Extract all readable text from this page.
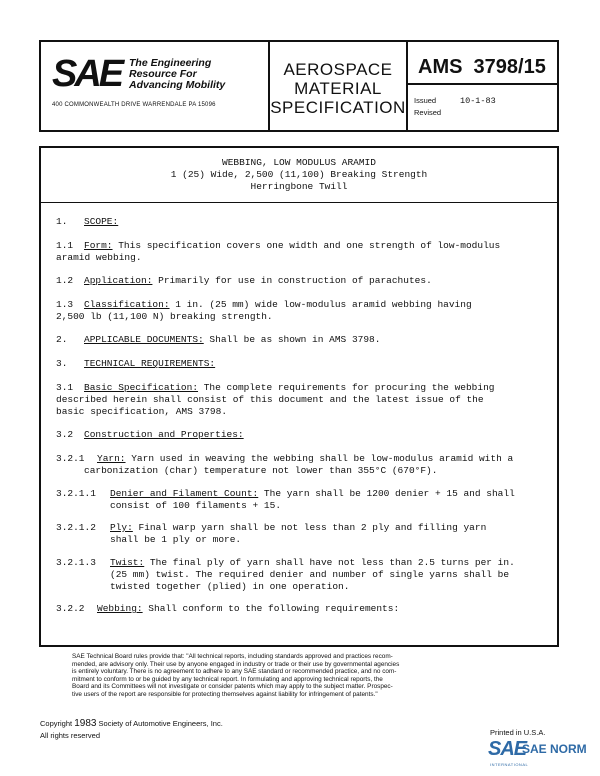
SAE The Engineering
Resource For
Advancing Mobility
400 COMMONWEALTH DRIVE WARRENDALE PA 15096
AEROSPACE
MATERIAL
SPECIFICATION
AMS  3798/15
Issued	10-1-83
Revised
WEBBING, LOW MODULUS ARAMID
1 (25) Wide, 2,500 (11,100) Breaking Strength
Herringbone Twill
1. SCOPE:
1.1 Form: This specification covers one width and one strength of low-modulus
aramid webbing.
1.2 Application: Primarily for use in construction of parachutes.
1.3 Classification: 1 in. (25 mm) wide low-modulus aramid webbing having
2,500 lb (11,100 N) breaking strength.
2. APPLICABLE DOCUMENTS: Shall be as shown in AMS 3798.
3. TECHNICAL REQUIREMENTS:
3.1 Basic Specification: The complete requirements for procuring the webbing
described herein shall consist of this document and the latest issue of the
basic specification, AMS 3798.
3.2 Construction and Properties:
3.2.1 Yarn: Yarn used in weaving the webbing shall be low-modulus aramid with a
carbonization (char) temperature not lower than 355°C (670°F).
3.2.1.1 Denier and Filament Count: The yarn shall be 1200 denier + 15 and shall
consist of 100 filaments + 15.
3.2.1.2 Ply: Final warp yarn shall be not less than 2 ply and filling yarn
shall be 1 ply or more.
3.2.1.3 Twist: The final ply of yarn shall have not less than 2.5 turns per in.
(25 mm) twist. The required denier and number of single yarns shall be
twisted together (plied) in one operation.
3.2.2 Webbing: Shall conform to the following requirements:
SAE Technical Board rules provide that: "All technical reports, including standards approved and practices recom-
mended, are advisory only. Their use by anyone engaged in industry or trade or their use by governmental agencies
is entirely voluntary. There is no agreement to adhere to any SAE standard or recommended practice, and no com-
mitment to conform to or be guided by any technical report. In formulating and approving technical reports, the
Board and its Committees will not investigate or consider patents which may apply to the subject matter. Prospec-
tive users of the report are responsible for protecting themselves against liability for infringement of patents."
Copyright 1983 Society of Automotive Engineers, Inc.
All rights reserved	Printed in U.S.A.
SAE
SAE NORM
INTERNATIONAL
